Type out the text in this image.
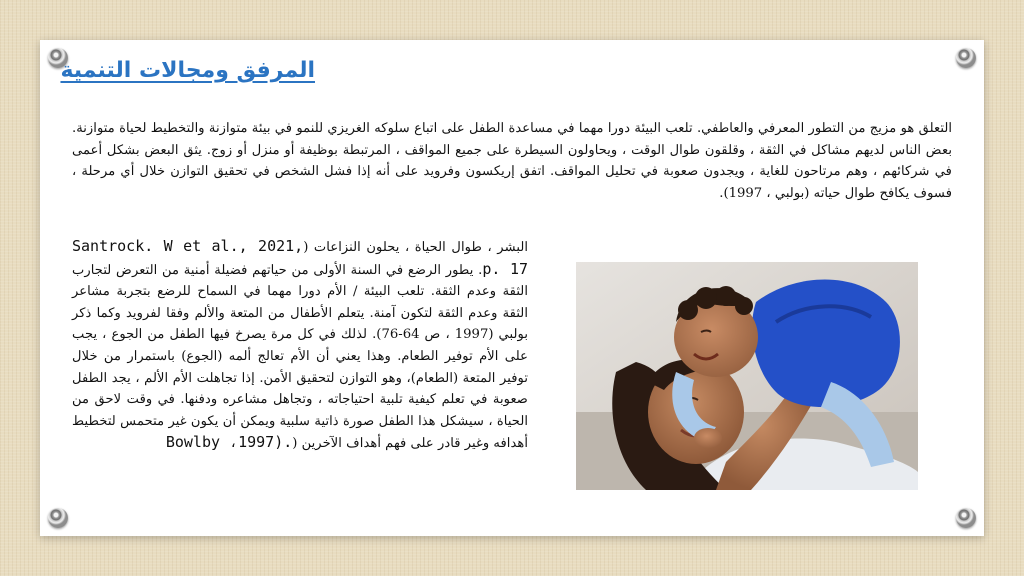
المرفق ومجالات التنمية

التعلق هو مزيج من التطور المعرفي والعاطفي. تلعب البيئة دورا مهما في مساعدة الطفل على اتباع سلوكه الغريزي للنمو في بيئة متوازنة والتخطيط لحياة متوازنة. بعض الناس لديهم مشاكل في الثقة ، وقلقون طوال الوقت ، ويحاولون السيطرة على جميع المواقف ، المرتبطة بوظيفة أو منزل أو زوج. يثق البعض بشكل أعمى في شركائهم ، وهم مرتاحون للغاية ، ويجدون صعوبة في تحليل المواقف. اتفق إريكسون وفرويد على أنه إذا فشل الشخص في تحقيق التوازن خلال أي مرحلة ، فسوف يكافح طوال حياته (بولبي ، 1997).

البشر ، طوال الحياة ، يحلون النزاعات (Santrock. W et al., 2021, p. 17. يطور الرضع في السنة الأولى من حياتهم فضيلة أمنية من التعرض لتجارب الثقة وعدم الثقة. تلعب البيئة / الأم دورا مهما في السماح للرضع بتجربة مشاعر الثقة وعدم الثقة لتكون آمنة. يتعلم الأطفال من المتعة والألم وفقا لفرويد وكما ذكر بولبي (1997 ، ص 64-76). لذلك في كل مرة يصرخ فيها الطفل من الجوع ، يجب على الأم توفير الطعام. وهذا يعني أن الأم تعالج ألمه (الجوع) باستمرار من خلال توفير المتعة (الطعام)، وهو التوازن لتحقيق الأمن. إذا تجاهلت الأم الألم ، يجد الطفل صعوبة في تعلم كيفية تلبية احتياجاته ، وتجاهل مشاعره ودفنها. في وقت لاحق من الحياة ، سيشكل هذا الطفل صورة ذاتية سلبية ويمكن أن يكون غير متحمس لتخطيط أهدافه وغير قادر على فهم أهداف الآخرين (Bowlby ،1997).
